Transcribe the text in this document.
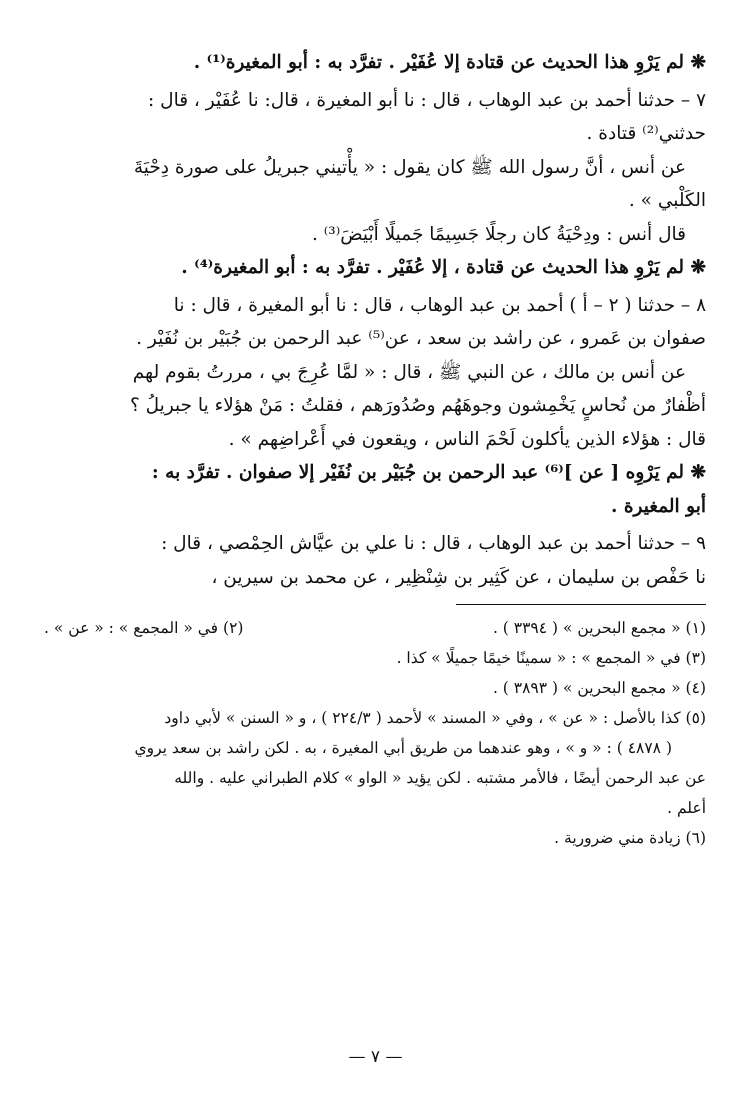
❋ لم يَرْوِ هذا الحديث عن قتادة إلا عُفَيْر . تفرَّد به : أبو المغيرة⁽¹⁾ .

٧ – حدثنا أحمد بن عبد الوهاب ، قال : نا أبو المغيرة ، قال: نا عُفَيْر ، قال :

حدثني⁽²⁾ قتادة .

عن أنس ، أنَّ رسول الله ﷺ كان يقول : « يأْتيني جبريلُ على صورة دِحْيَةَ

الكَلْبي » .

قال أنس : ودِحْيَةُ كان رجلًا جَسِيمًا جَميلًا أَبْيَضَ⁽³⁾ .

❋ لم يَرْوِ هذا الحديث عن قتادة ، إلا عُفَيْر . تفرَّد به : أبو المغيرة⁽⁴⁾ .

٨ – حدثنا ( ٢ – أ ) أحمد بن عبد الوهاب ، قال : نا أبو المغيرة ، قال : نا

صفوان بن عَمرو ، عن راشد بن سعد ، عن⁽⁵⁾ عبد الرحمن بن جُبَيْر بن نُفَيْر .

عن أنس بن مالك ، عن النبي ﷺ ، قال : « لمَّا عُرِجَ بي ، مررتُ بقوم لهم

أظْفارٌ من نُحاسٍ يَخْمِشون وجوهَهُم وصُدُورَهم ، فقلتُ : مَنْ هؤلاء يا جبريلُ ؟

قال : هؤلاء الذين يأكلون لَحْمَ الناس ، ويقعون في أَعْراضِهم » .

❋ لم يَرْوِه [ عن ]⁽⁶⁾ عبد الرحمن بن جُبَيْر بن نُفَيْر إلا صفوان . تفرَّد به :

أبو المغيرة .

٩ – حدثنا أحمد بن عبد الوهاب ، قال : نا علي بن عيَّاش الحِمْصي ، قال :

نا حَفْص بن سليمان ، عن كَثِير بن شِنْظِير ، عن محمد بن سيرين ،

(١) « مجمع البحرين » ( ٣٣٩٤ ) .
(٢) في « المجمع » : « عن » .

(٣) في « المجمع » : « سمينًا خيمًا جميلًا » كذا .

(٤) « مجمع البحرين » ( ٣٨٩٣ ) .

(٥) كذا بالأصل : « عن » ، وفي « المسند » لأحمد ( ٢٢٤/٣ ) ، و « السنن » لأبي داود

( ٤٨٧٨ ) : « و » ، وهو عندهما من طريق أبي المغيرة ، به . لكن راشد بن سعد يروي

عن عبد الرحمن أيضًا ، فالأمر مشتبه . لكن يؤيد « الواو » كلام الطبراني عليه . والله

أعلم .

(٦) زيادة مني ضرورية .

— ٧ —
